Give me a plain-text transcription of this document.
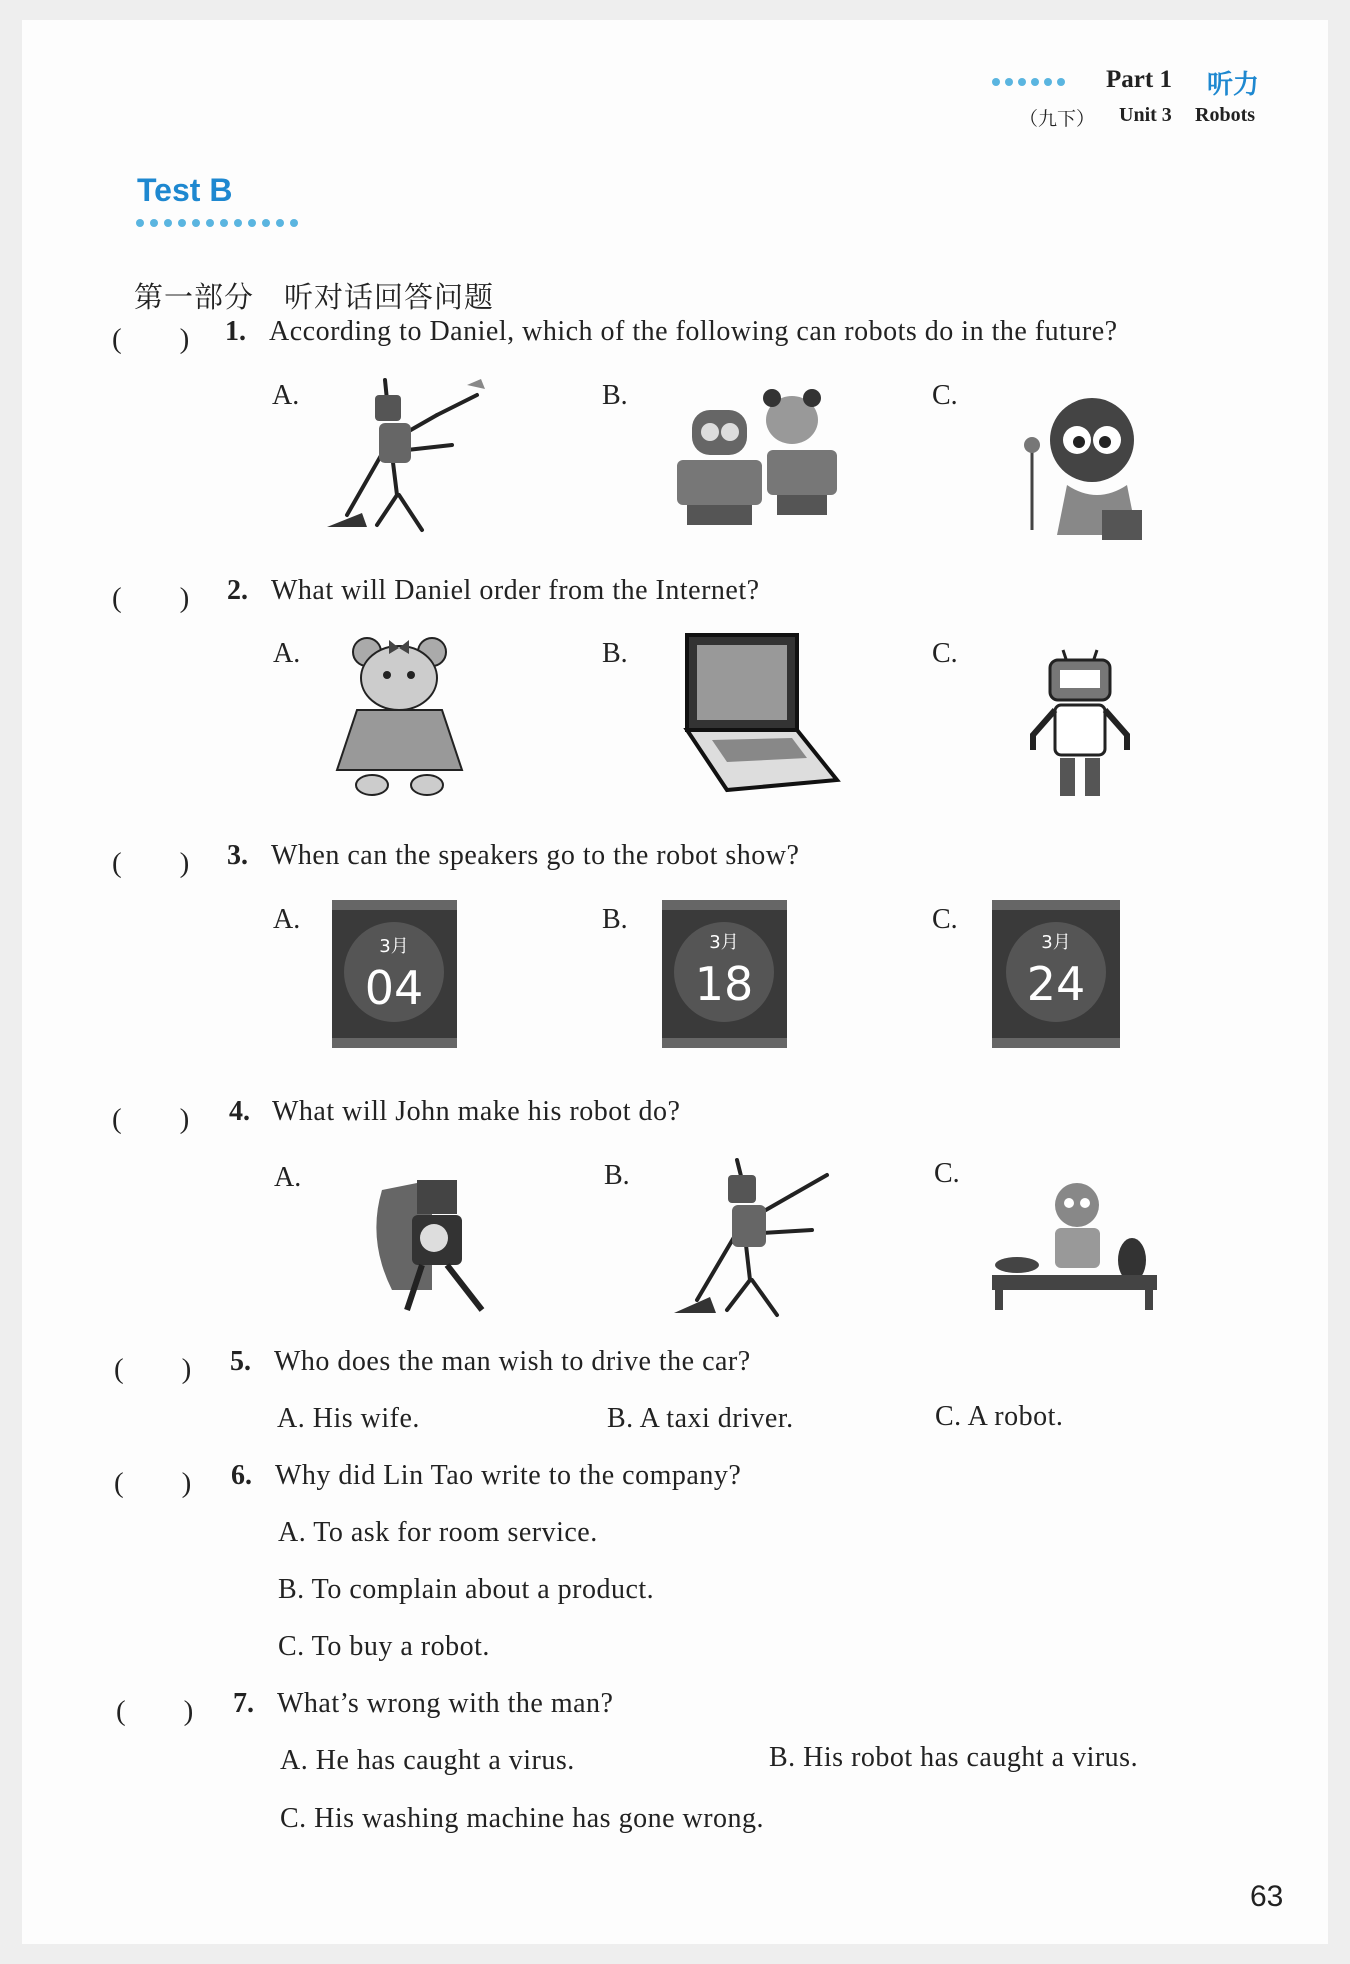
Part 1 听力
（九下） Unit 3 Robots
Test B
第一部分　听对话回答问题
(　　) 1. According to Daniel, which of the following can robots do in the future?
A.	B.	C.
(　　) 2. What will Daniel order from the Internet?
A.	B.	C.
(　　) 3. When can the speakers go to the robot show?
A.	B.	C.
3月
04
3月
18
3月
24
(　　) 4. What will John make his robot do?
A.	B.	C.
(　　) 5. Who does the man wish to drive the car?
A. His wife.	B. A taxi driver.	C. A robot.
(　　) 6. Why did Lin Tao write to the company?
A. To ask for room service.
B. To complain about a product.
C. To buy a robot.
(　　) 7. What’s wrong with the man?
A. He has caught a virus.	B. His robot has caught a virus.
C. His washing machine has gone wrong.
63
